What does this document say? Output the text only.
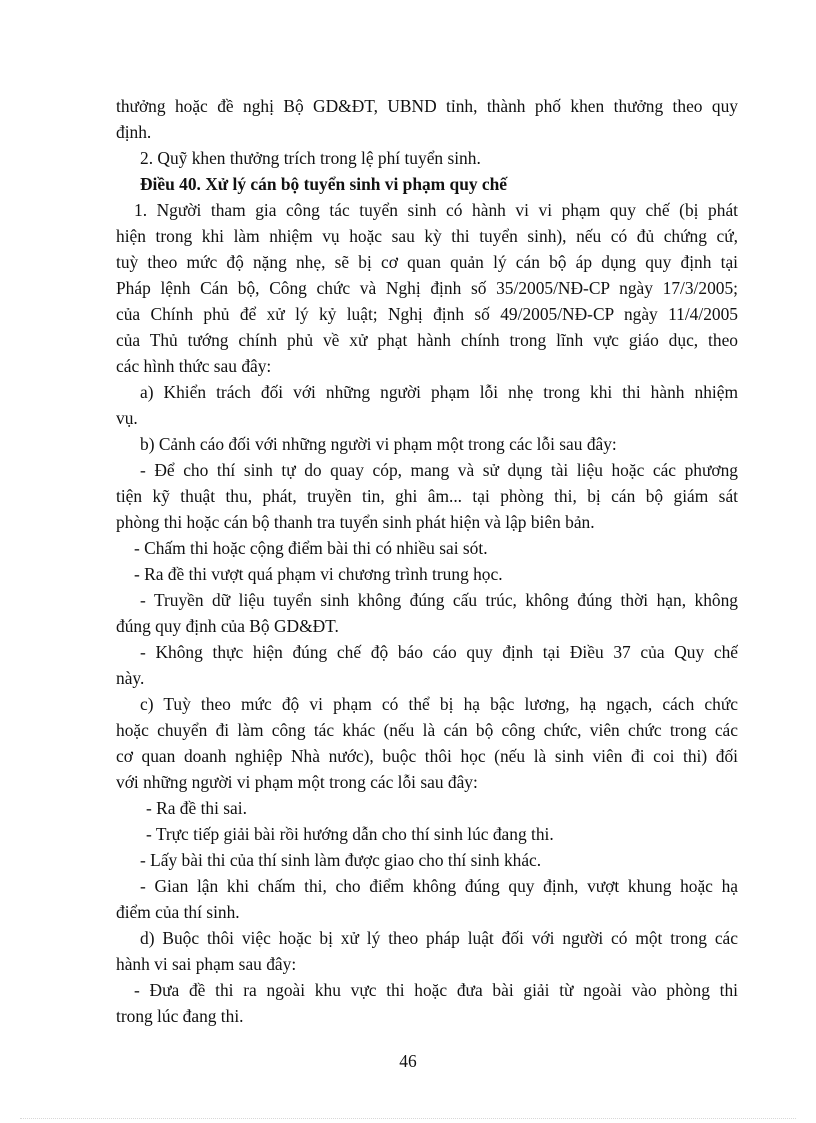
thưởng hoặc đề nghị Bộ GD&ĐT, UBND tỉnh, thành phố khen thưởng theo quy
định.
2. Quỹ khen thưởng trích trong lệ phí tuyển sinh.
Điều 40. Xử lý cán bộ tuyển sinh vi phạm quy chế
1. Người tham gia công tác tuyển sinh có hành vi vi phạm quy chế (bị phát
hiện trong khi làm nhiệm vụ hoặc sau kỳ thi tuyển sinh), nếu có đủ chứng cứ,
tuỳ theo mức độ nặng nhẹ, sẽ bị cơ quan quản lý cán bộ áp dụng quy định tại
Pháp lệnh Cán bộ, Công chức và Nghị định số 35/2005/NĐ-CP ngày 17/3/2005;
của Chính phủ để xử lý kỷ luật; Nghị định số 49/2005/NĐ-CP ngày 11/4/2005
của Thủ tướng chính phủ về xử phạt hành chính trong lĩnh vực giáo dục, theo
các hình thức sau đây:
a) Khiển trách đối với những người phạm lỗi nhẹ trong khi thi hành nhiệm
vụ.
b) Cảnh cáo đối với những người vi phạm một trong các lỗi sau đây:
- Để cho thí sinh tự do quay cóp, mang và sử dụng tài liệu hoặc các phương
tiện kỹ thuật thu, phát, truyền tin, ghi âm... tại phòng thi, bị cán bộ giám sát
phòng thi hoặc cán bộ thanh tra tuyển sinh phát hiện và lập biên bản.
- Chấm thi hoặc cộng điểm bài thi có nhiều sai sót.
- Ra đề thi vượt quá phạm vi chương trình trung học.
- Truyền dữ liệu tuyển sinh không đúng cấu trúc, không đúng thời hạn, không
đúng quy định của Bộ GD&ĐT.
- Không thực hiện đúng chế độ báo cáo quy định tại Điều 37 của Quy chế
này.
c) Tuỳ theo mức độ vi phạm có thể bị hạ bậc lương, hạ ngạch, cách chức
hoặc chuyển đi làm công tác khác (nếu là cán bộ công chức, viên chức trong các
cơ quan doanh nghiệp Nhà nước), buộc thôi học (nếu là sinh viên đi coi thi) đối
với những người vi phạm một trong các lỗi sau đây:
- Ra đề thi sai.
- Trực tiếp giải bài rồi hướng dẫn cho thí sinh lúc đang thi.
- Lấy bài thi của thí sinh làm được giao cho thí sinh khác.
- Gian lận khi chấm thi, cho điểm không đúng quy định, vượt khung hoặc hạ
điểm của thí sinh.
d) Buộc thôi việc hoặc bị xử lý theo pháp luật đối với người có một trong các
hành vi sai phạm sau đây:
- Đưa đề thi ra ngoài khu vực thi hoặc đưa bài giải từ ngoài vào phòng thi
trong lúc đang thi.
46
